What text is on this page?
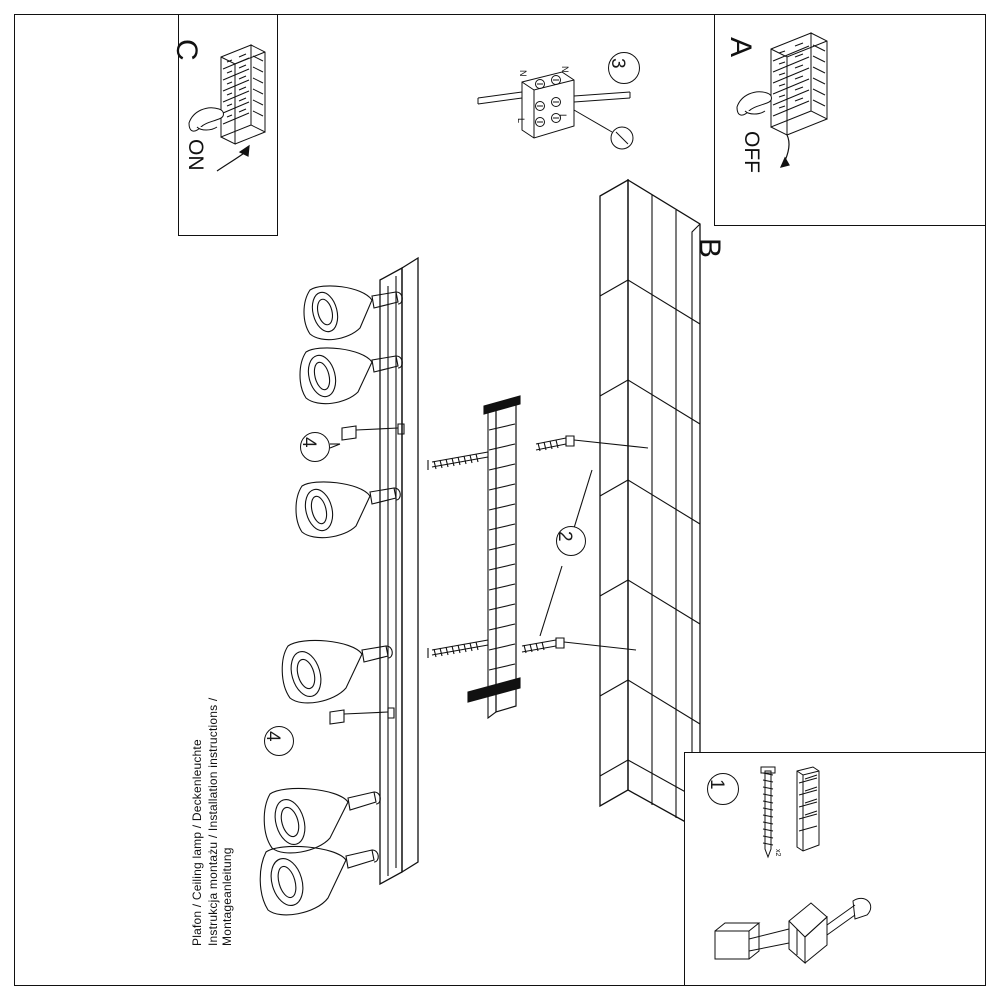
A
OFF
C
ON
N
N
L
L
3
B
4
4
2
1
x2
Instrukcja montażu / Installation instructions / Montageanleitung
Plafon / Ceiling lamp / Deckenleuchte
